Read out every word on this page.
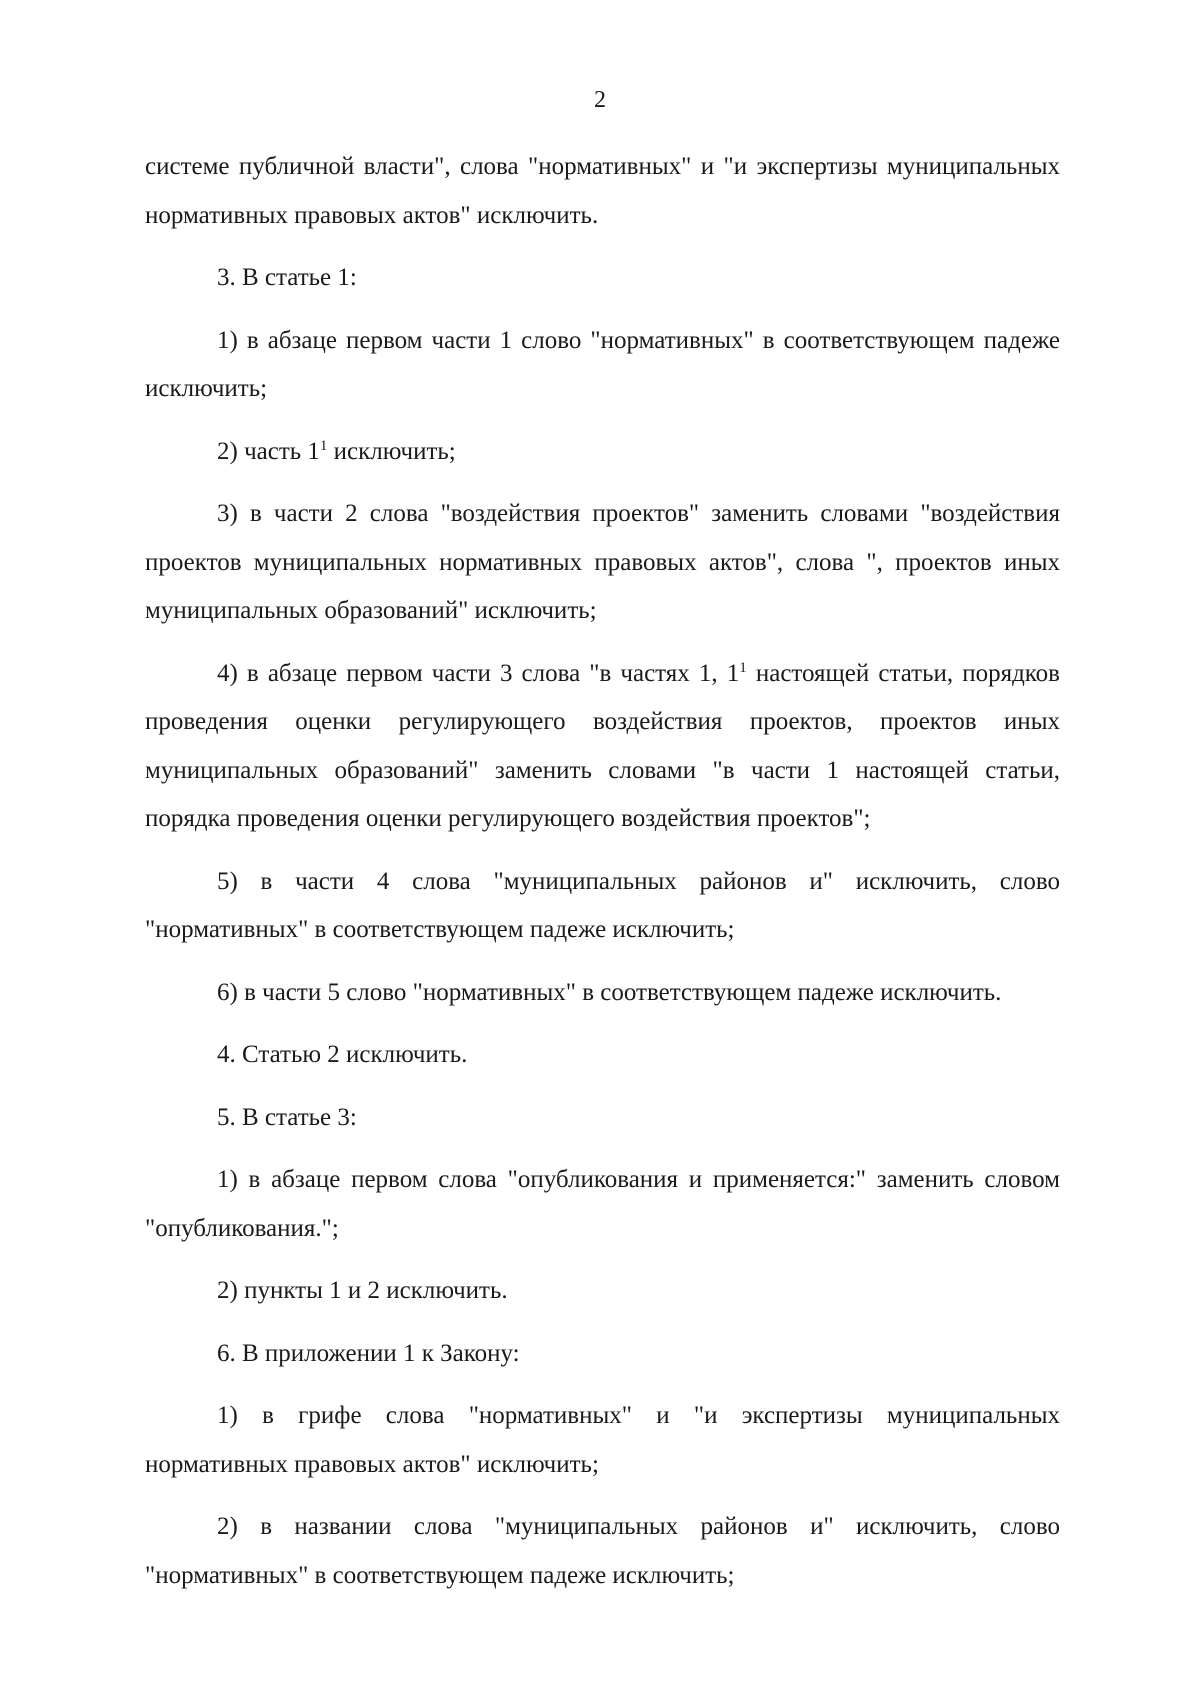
2

системе публичной власти", слова "нормативных" и "и экспертизы муниципальных нормативных правовых актов" исключить.

3. В статье 1:

1) в абзаце первом части 1 слово "нормативных" в соответствующем падеже исключить;

2) часть $1^1$ исключить;

3) в части 2 слова "воздействия проектов" заменить словами "воздействия проектов муниципальных нормативных правовых актов", слова ", проектов иных муниципальных образований" исключить;

4) в абзаце первом части 3 слова "в частях 1, $1^1$ настоящей статьи, порядков проведения оценки регулирующего воздействия проектов, проектов иных муниципальных образований" заменить словами "в части 1 настоящей статьи, порядка проведения оценки регулирующего воздействия проектов";

5) в части 4 слова "муниципальных районов и" исключить, слово "нормативных" в соответствующем падеже исключить;

6) в части 5 слово "нормативных" в соответствующем падеже исключить.

4. Статью 2 исключить.

5. В статье 3:

1) в абзаце первом слова "опубликования и применяется:" заменить словом "опубликования.";

2) пункты 1 и 2 исключить.

6. В приложении 1 к Закону:

1) в грифе слова "нормативных" и "и экспертизы муниципальных нормативных правовых актов" исключить;

2) в названии слова "муниципальных районов и" исключить, слово "нормативных" в соответствующем падеже исключить;
